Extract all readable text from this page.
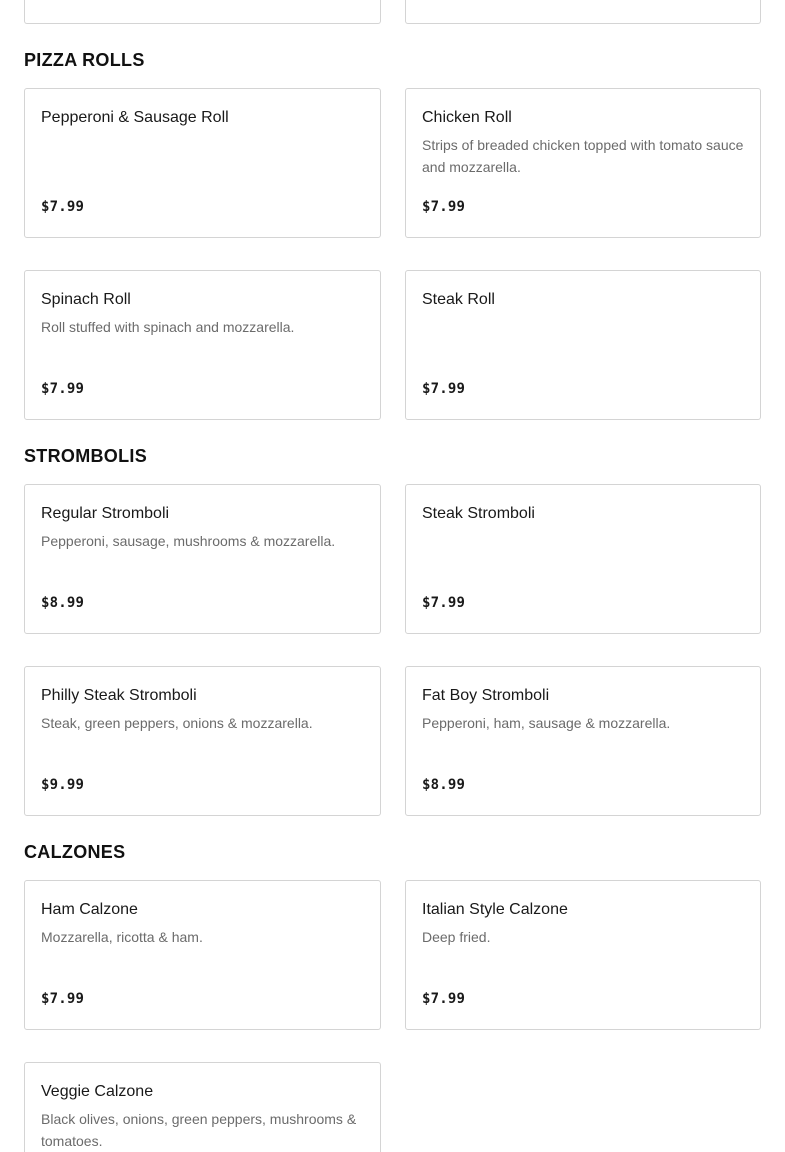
PIZZA ROLLS
Pepperoni & Sausage Roll
$7.99
Chicken Roll
Strips of breaded chicken topped with tomato sauce and mozzarella.
$7.99
Spinach Roll
Roll stuffed with spinach and mozzarella.
$7.99
Steak Roll
$7.99
STROMBOLIS
Regular Stromboli
Pepperoni, sausage, mushrooms & mozzarella.
$8.99
Steak Stromboli
$7.99
Philly Steak Stromboli
Steak, green peppers, onions & mozzarella.
$9.99
Fat Boy Stromboli
Pepperoni, ham, sausage & mozzarella.
$8.99
CALZONES
Ham Calzone
Mozzarella, ricotta & ham.
$7.99
Italian Style Calzone
Deep fried.
$7.99
Veggie Calzone
Black olives, onions, green peppers, mushrooms & tomatoes.
